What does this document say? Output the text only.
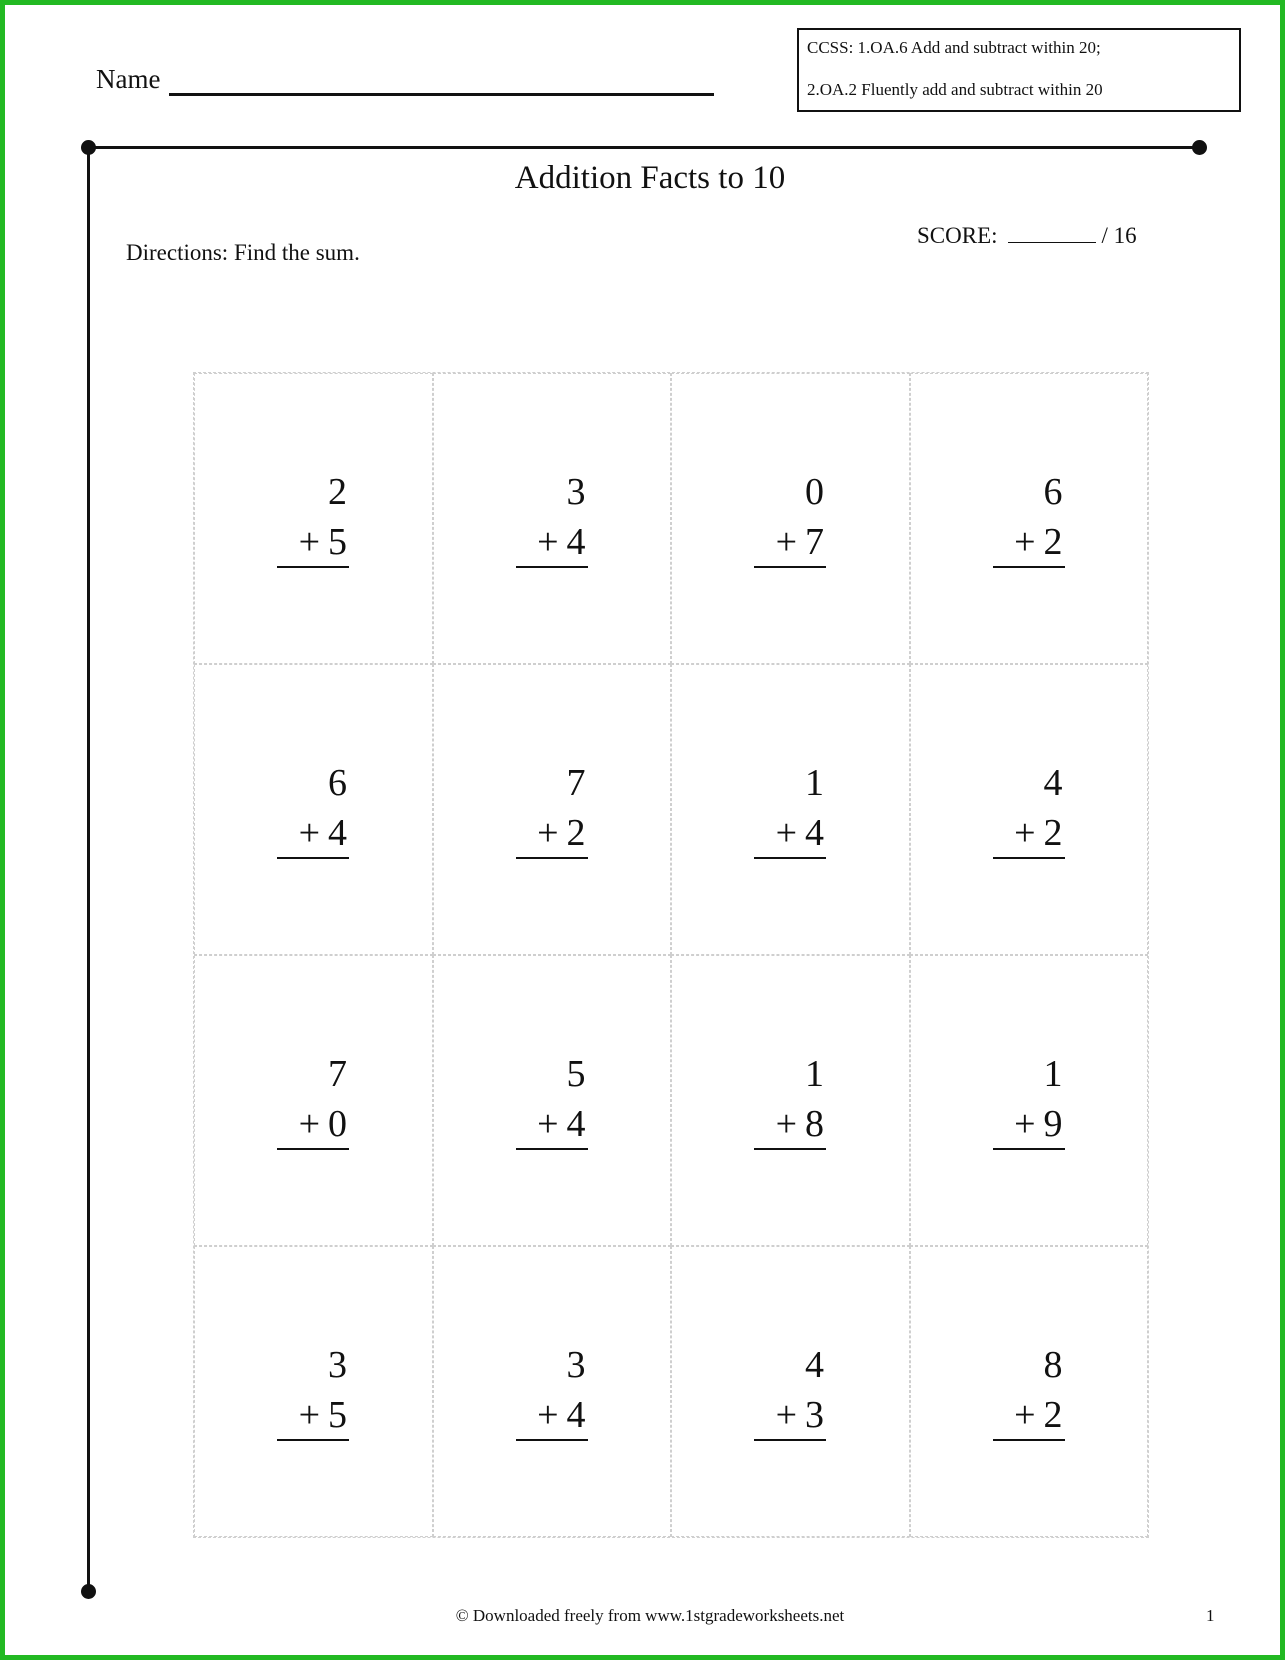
Name
CCSS: 1.OA.6 Add and subtract within 20;
2.OA.2 Fluently add and subtract within 20
Addition Facts to 10
Directions: Find the sum.
SCORE:	/ 16
2
+ 5
3
+ 4
0
+ 7
6
+ 2
6
+ 4
7
+ 2
1
+ 4
4
+ 2
7
+ 0
5
+ 4
1
+ 8
1
+ 9
3
+ 5
3
+ 4
4
+ 3
8
+ 2
© Downloaded freely from www.1stgradeworksheets.net	1
